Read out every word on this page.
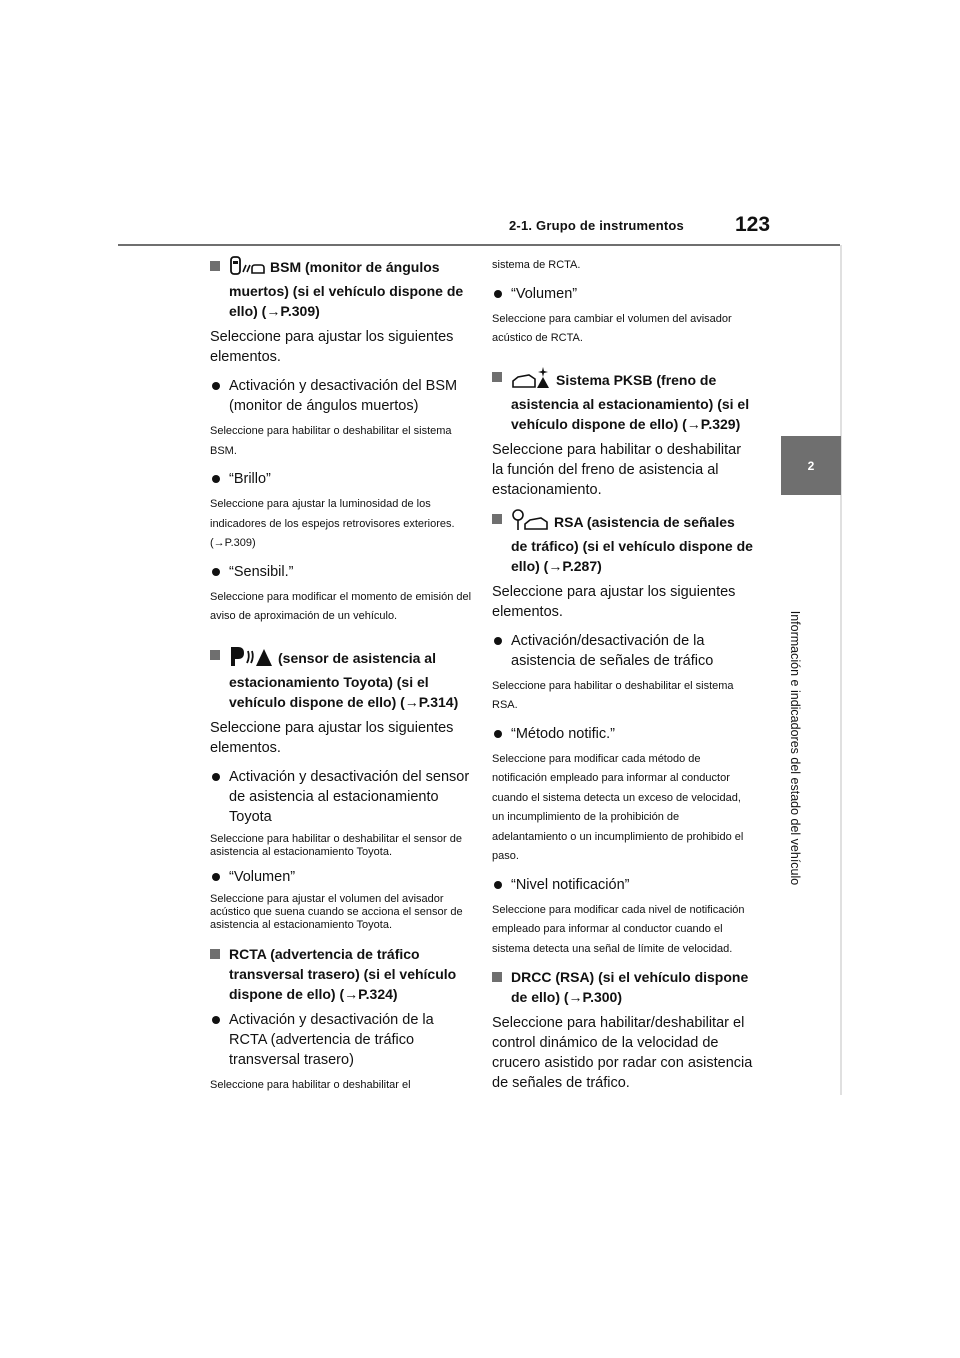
2-1. Grupo de instrumentos 123
2
Información e indicadores del estado del vehículo
BSM (monitor de ángulos muertos) (si el vehículo dispone de ello) (→P.309)
Seleccione para ajustar los siguientes elementos.
Activación y desactivación del BSM (monitor de ángulos muertos)
Seleccione para habilitar o deshabilitar el sistema BSM.
“Brillo”
Seleccione para ajustar la luminosidad de los indicadores de los espejos retrovisores exteriores. (→P.309)
“Sensibil.”
Seleccione para modificar el momento de emisión del aviso de aproximación de un vehículo.
(sensor de asistencia al estacionamiento Toyota) (si el vehículo dispone de ello) (→P.314)
Seleccione para ajustar los siguientes elementos.
Activación y desactivación del sensor de asistencia al estacionamiento Toyota
Seleccione para habilitar o deshabilitar el sensor de asistencia al estacionamiento Toyota.
“Volumen”
Seleccione para ajustar el volumen del avisador acústico que suena cuando se acciona el sensor de asistencia al estacionamiento Toyota.
RCTA (advertencia de tráfico transversal trasero) (si el vehículo dispone de ello) (→P.324)
Activación y desactivación de la RCTA (advertencia de tráfico transversal trasero)
Seleccione para habilitar o deshabilitar el
sistema de RCTA.
“Volumen”
Seleccione para cambiar el volumen del avisador acústico de RCTA.
Sistema PKSB (freno de asistencia al estacionamiento) (si el vehículo dispone de ello) (→P.329)
Seleccione para habilitar o deshabilitar la función del freno de asistencia al estacionamiento.
RSA (asistencia de señales de tráfico) (si el vehículo dispone de ello) (→P.287)
Seleccione para ajustar los siguientes elementos.
Activación/desactivación de la asistencia de señales de tráfico
Seleccione para habilitar o deshabilitar el sistema RSA.
“Método notific.”
Seleccione para modificar cada método de notificación empleado para informar al conductor cuando el sistema detecta un exceso de velocidad, un incumplimiento de la prohibición de adelantamiento o un incumplimiento de prohibido el paso.
“Nivel notificación”
Seleccione para modificar cada nivel de notificación empleado para informar al conductor cuando el sistema detecta una señal de límite de velocidad.
DRCC (RSA) (si el vehículo dispone de ello) (→P.300)
Seleccione para habilitar/deshabilitar el control dinámico de la velocidad de crucero asistido por radar con asistencia de señales de tráfico.
